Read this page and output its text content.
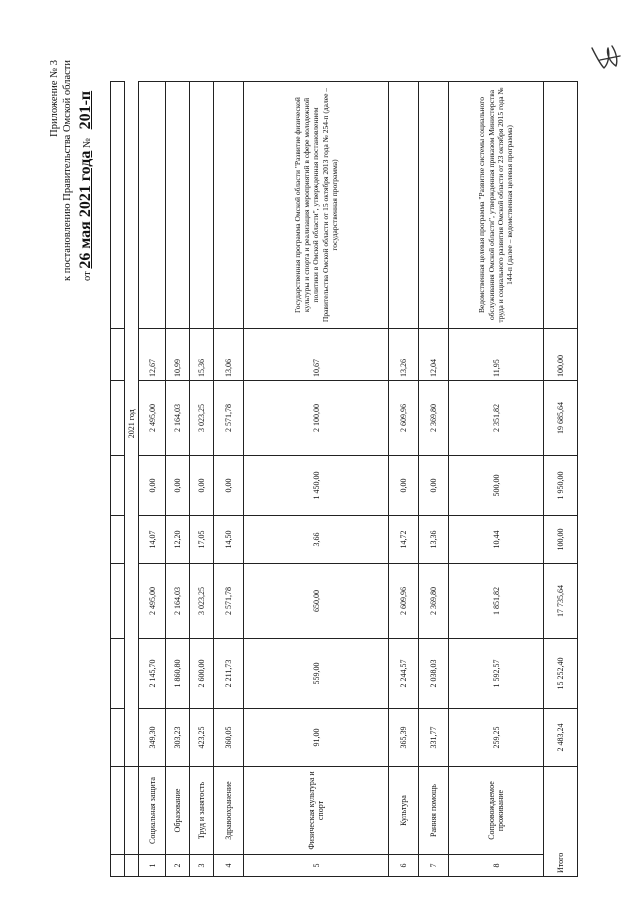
Приложение № 3 к постановлению Правительства Омской области от 26 мая 2021 года № 201-п

		2021 год							
1	Социальная защита	349,30	2 145,70	2 495,00	14,07	0,00	2 495,00	12,67	
2	Образование	303,23	1 860,80	2 164,03	12,20	0,00	2 164,03	10,99	
3	Труд и занятость	423,25	2 600,00	3 023,25	17,05	0,00	3 023,25	15,36	
4	Здравоохранение	360,05	2 211,73	2 571,78	14,50	0,00	2 571,78	13,06	
5	Физическая культура и спорт	91,00	559,00	650,00	3,66	1 450,00	2 100,00	10,67	Государственная программа Омской области "Развитие физической культуры и спорта и реализация мероприятий в сфере молодежной политики в Омской области", утвержденная постановлением Правительства Омской области от 15 октября 2013 года № 254-п (далее – государственная программа)
6	Культура	365,39	2 244,57	2 609,96	14,72	0,00	2 609,96	13,26	
7	Ранняя помощь	331,77	2 038,03	2 369,80	13,36	0,00	2 369,80	12,04	
8	Сопровождаемое проживание	259,25	1 592,57	1 851,82	10,44	500,00	2 351,82	11,95	Ведомственная целевая программа "Развитие системы социального обслуживания Омской области", утвержденная приказом Министерства труда и социального развития Омской области от 23 октября 2015 года № 144-п (далее – ведомственная целевая программа)
Итого		2 483,24	15 252,40	17 735,64	100,00	1 950,00	19 685,64	100,00	
